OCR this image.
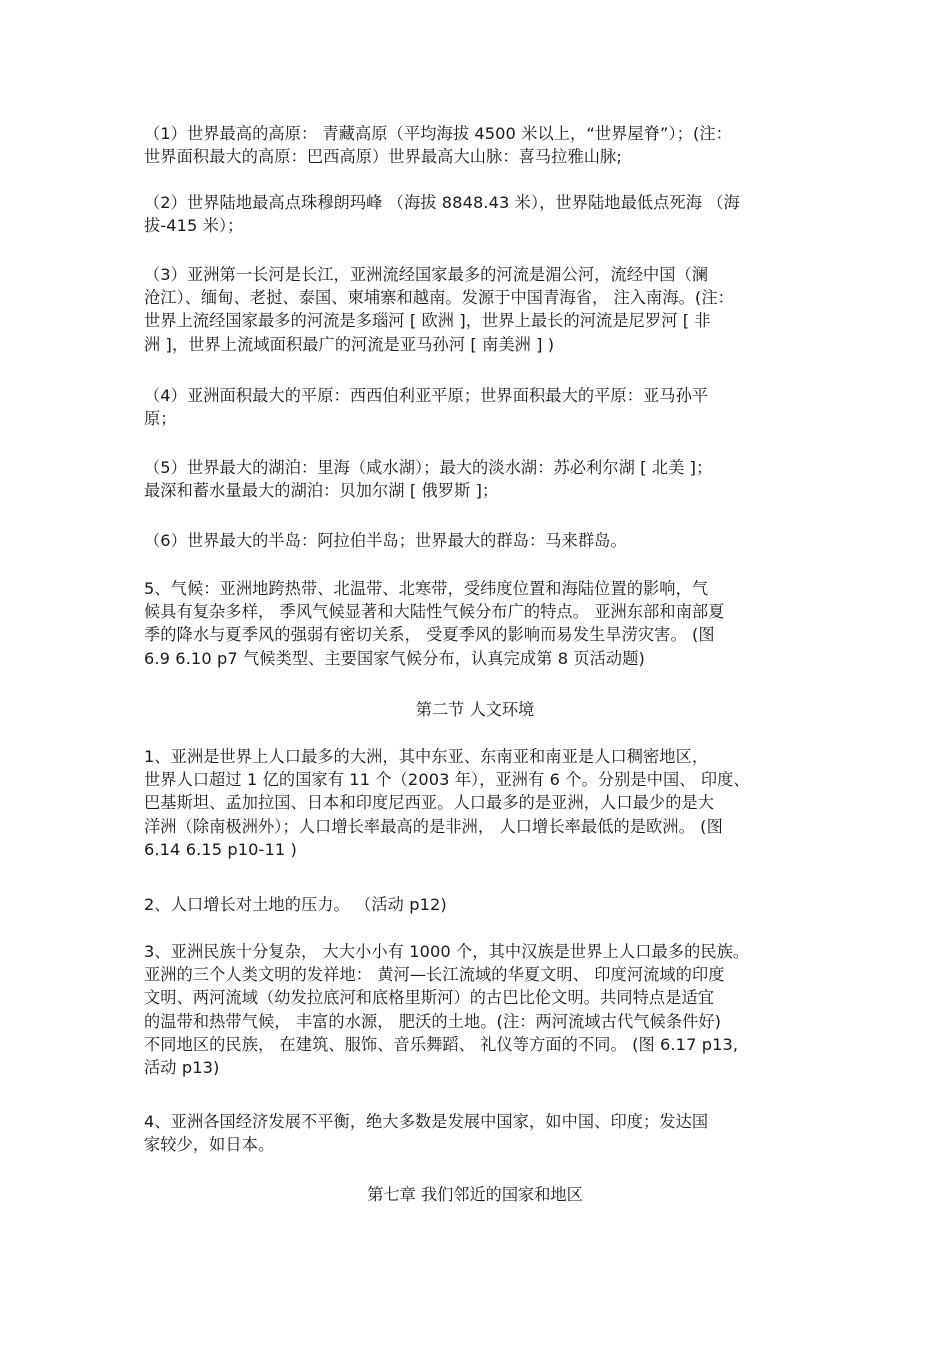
（1）世界最高的高原： 青藏高原（平均海拔 4500 米以上，“世界屋脊”）；(注：
世界面积最大的高原：巴西高原）世界最高大山脉：喜马拉雅山脉;
（2）世界陆地最高点珠穆朗玛峰 （海拔 8848.43 米），世界陆地最低点死海 （海
拔-415 米）；
（3）亚洲第一长河是长江，亚洲流经国家最多的河流是湄公河，流经中国（澜
沧江）、缅甸、老挝、泰国、柬埔寨和越南。发源于中国青海省， 注入南海。(注：
世界上流经国家最多的河流是多瑙河 [ 欧洲 ]，世界上最长的河流是尼罗河 [ 非
洲 ]，世界上流域面积最广的河流是亚马孙河 [ 南美洲 ] )
（4）亚洲面积最大的平原：西西伯利亚平原；世界面积最大的平原：亚马孙平
原；
（5）世界最大的湖泊：里海（咸水湖）；最大的淡水湖：苏必利尔湖 [ 北美 ]；
最深和蓄水量最大的湖泊：贝加尔湖 [ 俄罗斯 ]；
（6）世界最大的半岛：阿拉伯半岛；世界最大的群岛：马来群岛。
5、气候：亚洲地跨热带、北温带、北寒带，受纬度位置和海陆位置的影响，气
候具有复杂多样， 季风气候显著和大陆性气候分布广的特点。 亚洲东部和南部夏
季的降水与夏季风的强弱有密切关系， 受夏季风的影响而易发生旱涝灾害。 (图
6.9 6.10 p7 气候类型、主要国家气候分布，认真完成第 8 页活动题)
第二节 人文环境
1、亚洲是世界上人口最多的大洲，其中东亚、东南亚和南亚是人口稠密地区，
世界人口超过 1 亿的国家有 11 个（2003 年），亚洲有 6 个。分别是中国、 印度、
巴基斯坦、孟加拉国、日本和印度尼西亚。人口最多的是亚洲，人口最少的是大
洋洲（除南极洲外）；人口增长率最高的是非洲， 人口增长率最低的是欧洲。 (图
6.14 6.15 p10-11 )
2、人口增长对土地的压力。 （活动 p12)
3、亚洲民族十分复杂， 大大小小有 1000 个，其中汉族是世界上人口最多的民族。
亚洲的三个人类文明的发祥地： 黄河—长江流域的华夏文明、 印度河流域的印度
文明、两河流域（幼发拉底河和底格里斯河）的古巴比伦文明。共同特点是适宜
的温带和热带气候， 丰富的水源， 肥沃的土地。(注：两河流域古代气候条件好)
不同地区的民族， 在建筑、服饰、音乐舞蹈、 礼仪等方面的不同。 (图 6.17 p13,
活动 p13)
4、亚洲各国经济发展不平衡，绝大多数是发展中国家，如中国、印度；发达国
家较少，如日本。
第七章 我们邻近的国家和地区
